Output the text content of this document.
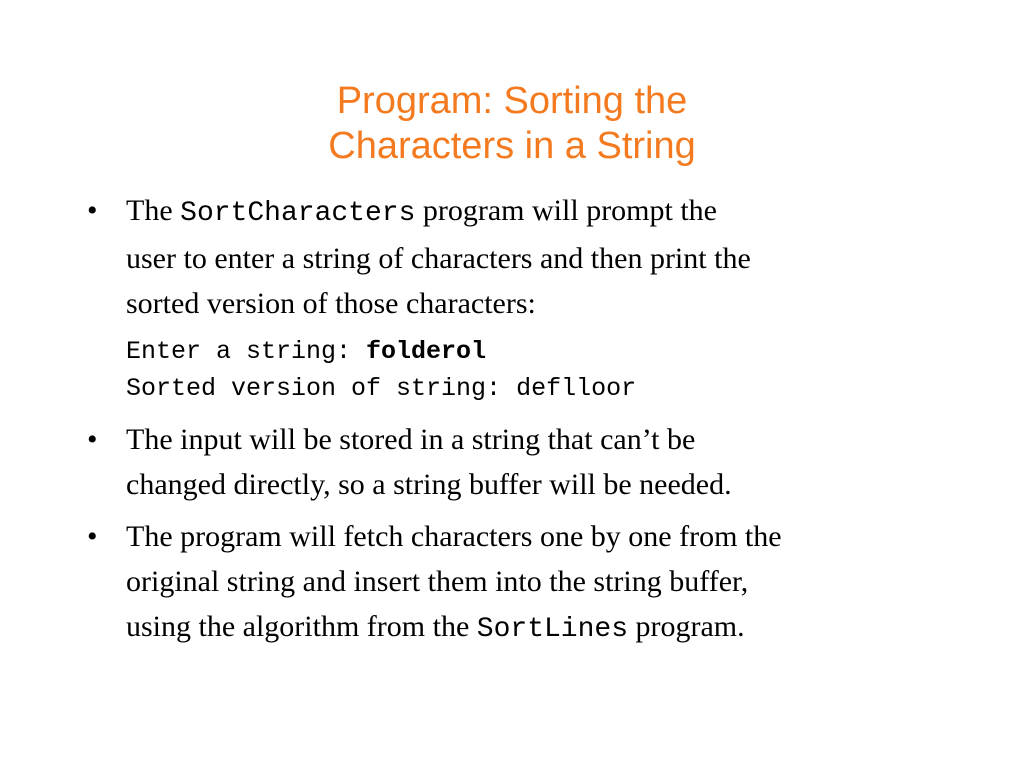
Program: Sorting the
Characters in a String
• The SortCharacters program will prompt the
user to enter a string of characters and then print the
sorted version of those characters:
Enter a string: folderol
Sorted version of string: deflloor
• The input will be stored in a string that can’t be
changed directly, so a string buffer will be needed.
• The program will fetch characters one by one from the
original string and insert them into the string buffer,
using the algorithm from the SortLines program.
